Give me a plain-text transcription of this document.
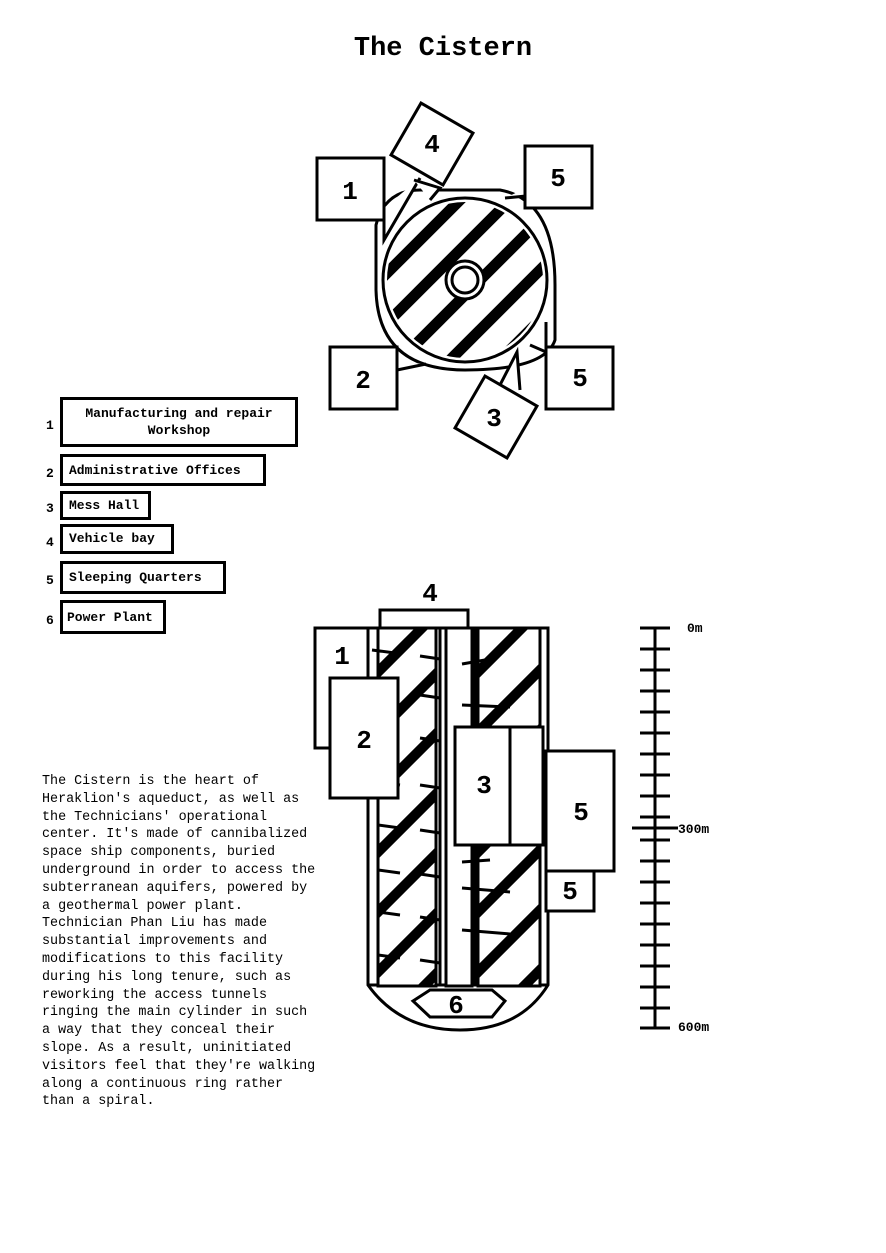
The Cistern
1
4
5
2
3
5
4
1
2
3
5
5
6
0m
300m
600m
1
Manufacturing and repair Workshop
2	Administrative Offices
3	Mess Hall
4	Vehicle bay
5	Sleeping Quarters
6	Power Plant
The Cistern is the heart of Heraklion's aqueduct, as well as the Technicians' operational center. It's made of cannibalized space ship components, buried underground in order to access the subterranean aquifers, powered by a geothermal power plant. Technician Phan Liu has made substantial improvements and modifications to this facility during his long tenure, such as reworking the access tunnels ringing the main cylinder in such a way that they conceal their slope. As a result, uninitiated visitors feel that they're walking along a continuous ring rather than a spiral.
